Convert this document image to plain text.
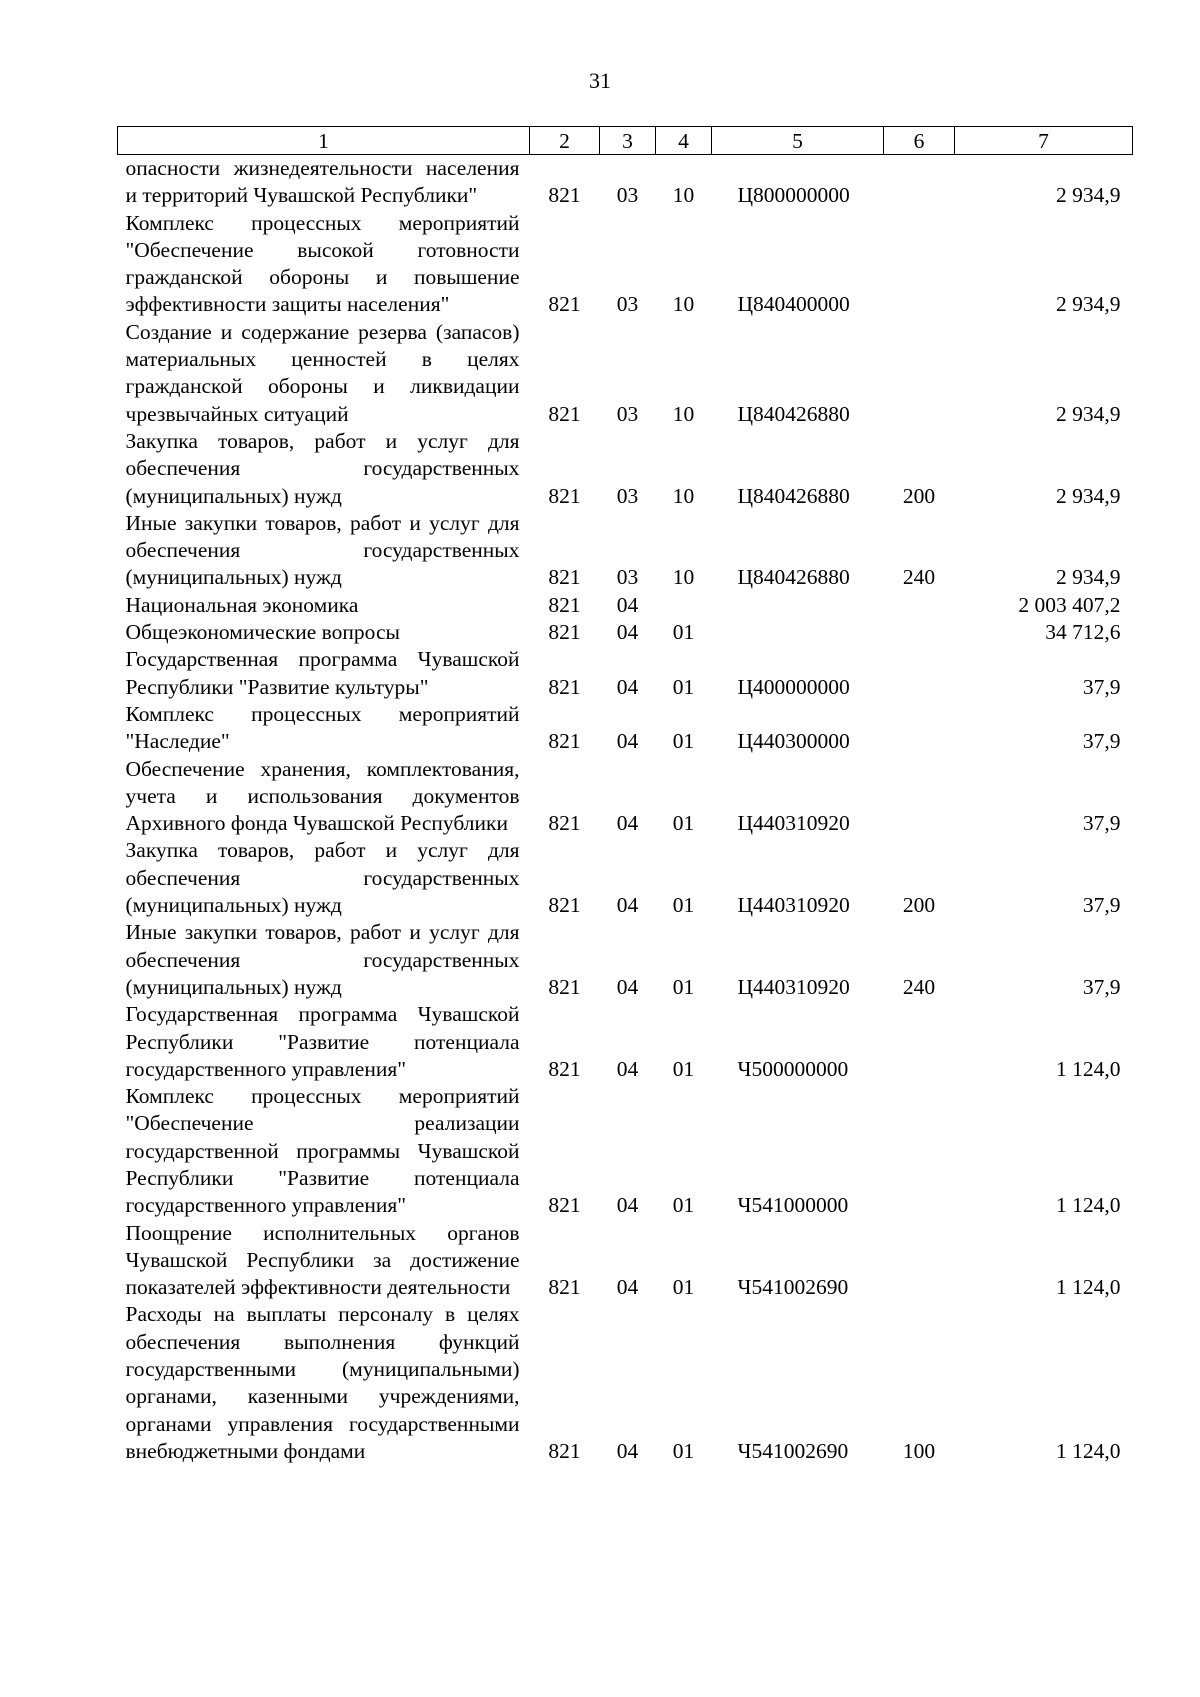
31
1	2	3	4	5	6	7
опасности жизнедеятельности населения и территорий Чувашской Республики"	821	03	10	Ц800000000		2 934,9
Комплекс процессных мероприятий "Обеспечение высокой готовности гражданской обороны и повышение эффективности защиты населения"	821	03	10	Ц840400000		2 934,9
Создание и содержание резерва (запасов) материальных ценностей в целях гражданской обороны и ликвидации чрезвычайных ситуаций	821	03	10	Ц840426880		2 934,9
Закупка товаров, работ и услуг для обеспечения государственных (муниципальных) нужд	821	03	10	Ц840426880	200	2 934,9
Иные закупки товаров, работ и услуг для обеспечения государственных (муниципальных) нужд	821	03	10	Ц840426880	240	2 934,9
Национальная экономика	821	04				2 003 407,2
Общеэкономические вопросы	821	04	01			34 712,6
Государственная программа Чувашской Республики "Развитие культуры"	821	04	01	Ц400000000		37,9
Комплекс процессных мероприятий "Наследие"	821	04	01	Ц440300000		37,9
Обеспечение хранения, комплектования, учета и использования документов Архивного фонда Чувашской Республики	821	04	01	Ц440310920		37,9
Закупка товаров, работ и услуг для обеспечения государственных (муниципальных) нужд	821	04	01	Ц440310920	200	37,9
Иные закупки товаров, работ и услуг для обеспечения государственных (муниципальных) нужд	821	04	01	Ц440310920	240	37,9
Государственная программа Чувашской Республики "Развитие потенциала государственного управления"	821	04	01	Ч500000000		1 124,0
Комплекс процессных мероприятий "Обеспечение реализации государственной программы Чувашской Республики "Развитие потенциала государственного управления"	821	04	01	Ч541000000		1 124,0
Поощрение исполнительных органов Чувашской Республики за достижение показателей эффективности деятельности	821	04	01	Ч541002690		1 124,0
Расходы на выплаты персоналу в целях обеспечения выполнения функций государственными (муниципальными) органами, казенными учреждениями, органами управления государственными внебюджетными фондами	821	04	01	Ч541002690	100	1 124,0
